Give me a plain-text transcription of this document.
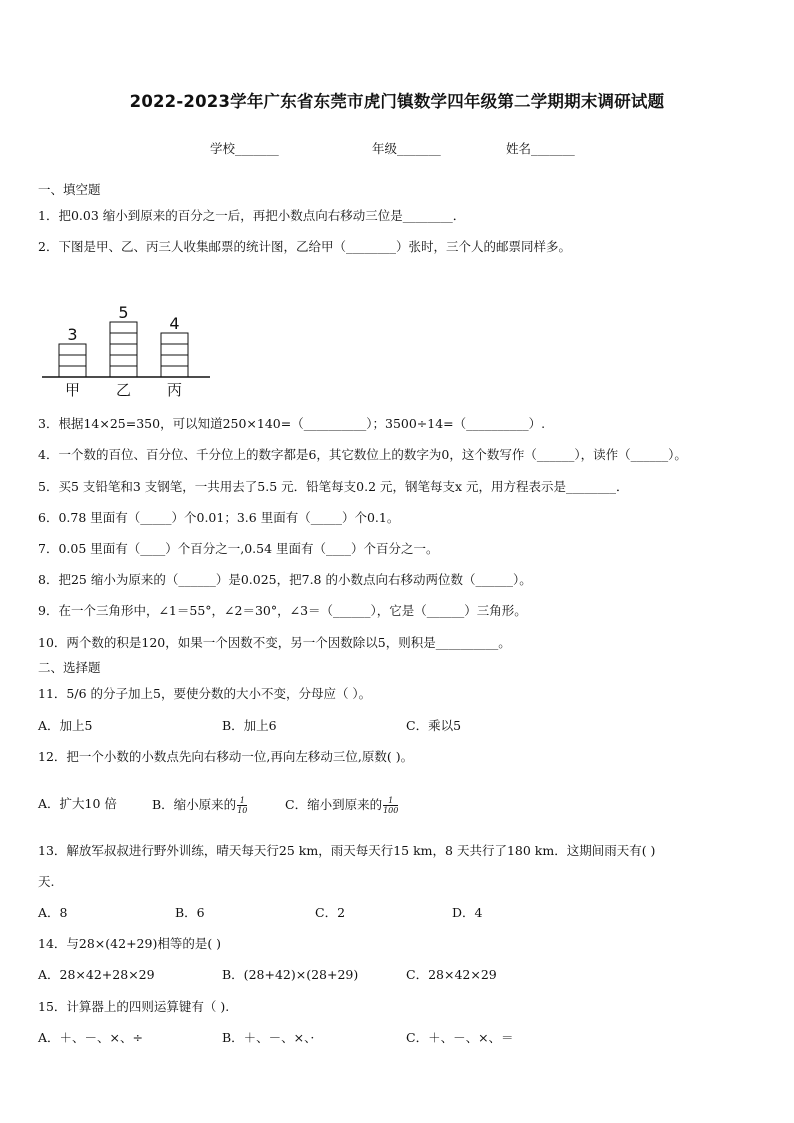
2022-2023学年广东省东莞市虎门镇数学四年级第二学期期末调研试题
学校_______	年级_______	姓名_______
一、填空题
1．把0.03 缩小到原来的百分之一后，再把小数点向右移动三位是________．
2．下图是甲、乙、丙三人收集邮票的统计图，乙给甲（________）张时，三个人的邮票同样多。
3
甲
5
乙
4
丙
3．根据14×25=350，可以知道250×140=（__________）；3500÷14=（__________）.
4．一个数的百位、百分位、千分位上的数字都是6，其它数位上的数字为0，这个数写作（______），读作（______）。
5．买5 支铅笔和3 支钢笔，一共用去了5.5 元．铅笔每支0.2 元，钢笔每支x 元，用方程表示是________．
6．0.78 里面有（_____）个0.01；3.6 里面有（_____）个0.1。
7．0.05 里面有（____）个百分之一,0.54 里面有（____）个百分之一。
8．把25 缩小为原来的（______）是0.025，把7.8 的小数点向右移动两位数（______）。
9．在一个三角形中，∠1＝55°，∠2＝30°，∠3＝（______），它是（______）三角形。
10．两个数的积是120，如果一个因数不变，另一个因数除以5，则积是__________。
二、选择题
11．5/6 的分子加上5，要使分数的大小不变，分母应（ ）。
A．加上5	B．加上6	C．乘以5
12．把一个小数的小数点先向右移动一位,再向左移动三位,原数( )。
A．扩大10 倍	B．缩小原来的 $\frac{1}{10}$	C．缩小到原来的 $\frac{1}{100}$
13．解放军叔叔进行野外训练，晴天每天行25 km，雨天每天行15 km，8 天共行了180 km．这期间雨天有( )
天.
A．8	B．6	C．2	D．4
14．与28×(42+29)相等的是( )
A．28×42+28×29	B．(28+42)×(28+29)	C．28×42×29
15．计算器上的四则运算键有（ ).
A．＋、－、×、÷	B．＋、－、×、·	C．＋、－、×、＝
